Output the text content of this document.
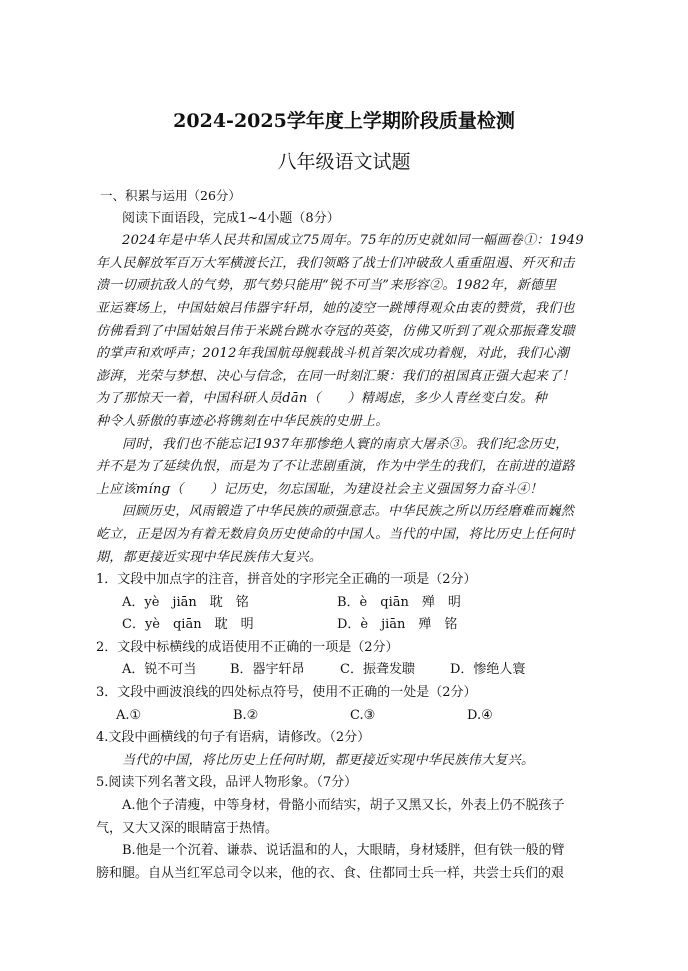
2024-2025学年度上学期阶段质量检测
八年级语文试题

一、积累与运用（26分）

阅读下面语段，完成1~4小题（8分）

2024年是中华人民共和国成立75周年。75年的历史就如同一幅画卷①：1949

年人民解放军百万大军横渡长江，我们领略了战士们冲破敌人重重阻遏、歼灭和击

溃一切顽抗敌人的气势，那气势只能用“锐不可当”来形容②。1982年，新德里

亚运赛场上，中国姑娘吕伟器宇轩昂，她的凌空一跳博得观众由衷的赞赏，我们也

仿佛看到了中国姑娘吕伟于米跳台跳水夺冠的英姿，仿佛又听到了观众那振聋发聩

的掌声和欢呼声；2012年我国航母舰载战斗机首架次成功着舰，对此，我们心潮

澎湃，光荣与梦想、决心与信念，在同一时刻汇聚：我们的祖国真正强大起来了！

为了那惊天一着，中国科研人员dān（　　）精竭虑，多少人青丝变白发。种

种令人骄傲的事迹必将镌刻在中华民族的史册上。

同时，我们也不能忘记1937年那惨绝人寰的南京大屠杀③。我们纪念历史，

并不是为了延续仇恨，而是为了不让悲剧重演，作为中学生的我们，在前进的道路

上应该mínɡ（　　）记历史，勿忘国耻，为建设社会主义强国努力奋斗④！

回顾历史，风雨锻造了中华民族的顽强意志。中华民族之所以历经磨难而巍然

屹立，正是因为有着无数肩负历史使命的中国人。当代的中国，将比历史上任何时

期，都更接近实现中华民族伟大复兴。

1．文段中加点字的注音，拼音处的字形完全正确的一项是（2分）

A．yè　jiān　耽　铭	B．è　qiān　殚　明

C．yè　qiān　耽　明	D．è　jiān　殚　铭

2．文段中标横线的成语使用不正确的一项是（2分）

A．锐不可当	B．器宇轩昂	C．振聋发聩	D．惨绝人寰

3．文段中画波浪线的四处标点符号，使用不正确的一处是（2分）

A.①	B.②	C.③	D.④

4.文段中画横线的句子有语病，请修改。（2分）

当代的中国，将比历史上任何时期，都更接近实现中华民族伟大复兴。

5.阅读下列名著文段，品评人物形象。（7分）

A.他个子清瘦，中等身材，骨骼小而结实，胡子又黑又长，外表上仍不脱孩子

气，又大又深的眼睛富于热情。

B.他是一个沉着、谦恭、说话温和的人，大眼睛，身材矮胖，但有铁一般的臂

膀和腿。自从当红军总司令以来，他的衣、食、住都同士兵一样，共尝士兵们的艰
